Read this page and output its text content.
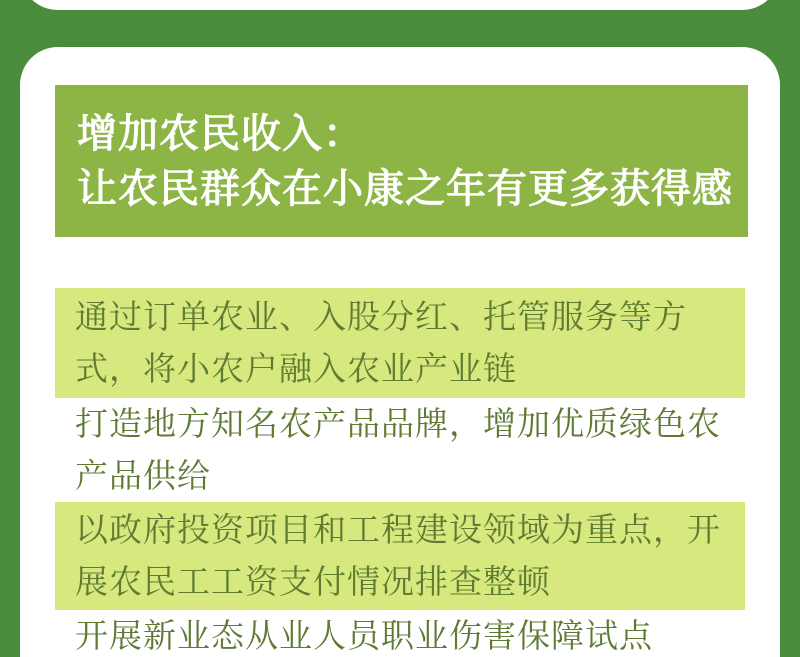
增加农民收入：
让农民群众在小康之年有更多获得感
通过订单农业、入股分红、托管服务等方式，将小农户融入农业产业链
打造地方知名农产品品牌，增加优质绿色农产品供给
以政府投资项目和工程建设领域为重点，开展农民工工资支付情况排查整顿
开展新业态从业人员职业伤害保障试点
